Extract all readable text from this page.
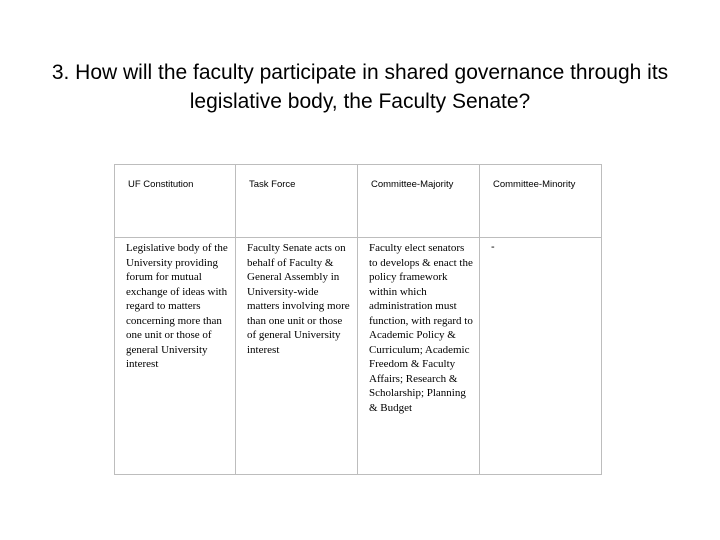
3. How will the faculty participate in shared governance through its legislative body, the Faculty Senate?
UF Constitution	Task Force	Committee-Majority	Committee-Minority

Legislative body of the University providing forum for mutual exchange of ideas with regard to matters concerning more than one unit or those of general University interest	Faculty Senate acts on behalf of Faculty & General Assembly in University-wide matters involving more than one unit or those of general University interest	Faculty elect senators to develops & enact the policy framework within which administration must function, with regard to Academic Policy & Curriculum; Academic Freedom & Faculty Affairs; Research & Scholarship; Planning & Budget	-
